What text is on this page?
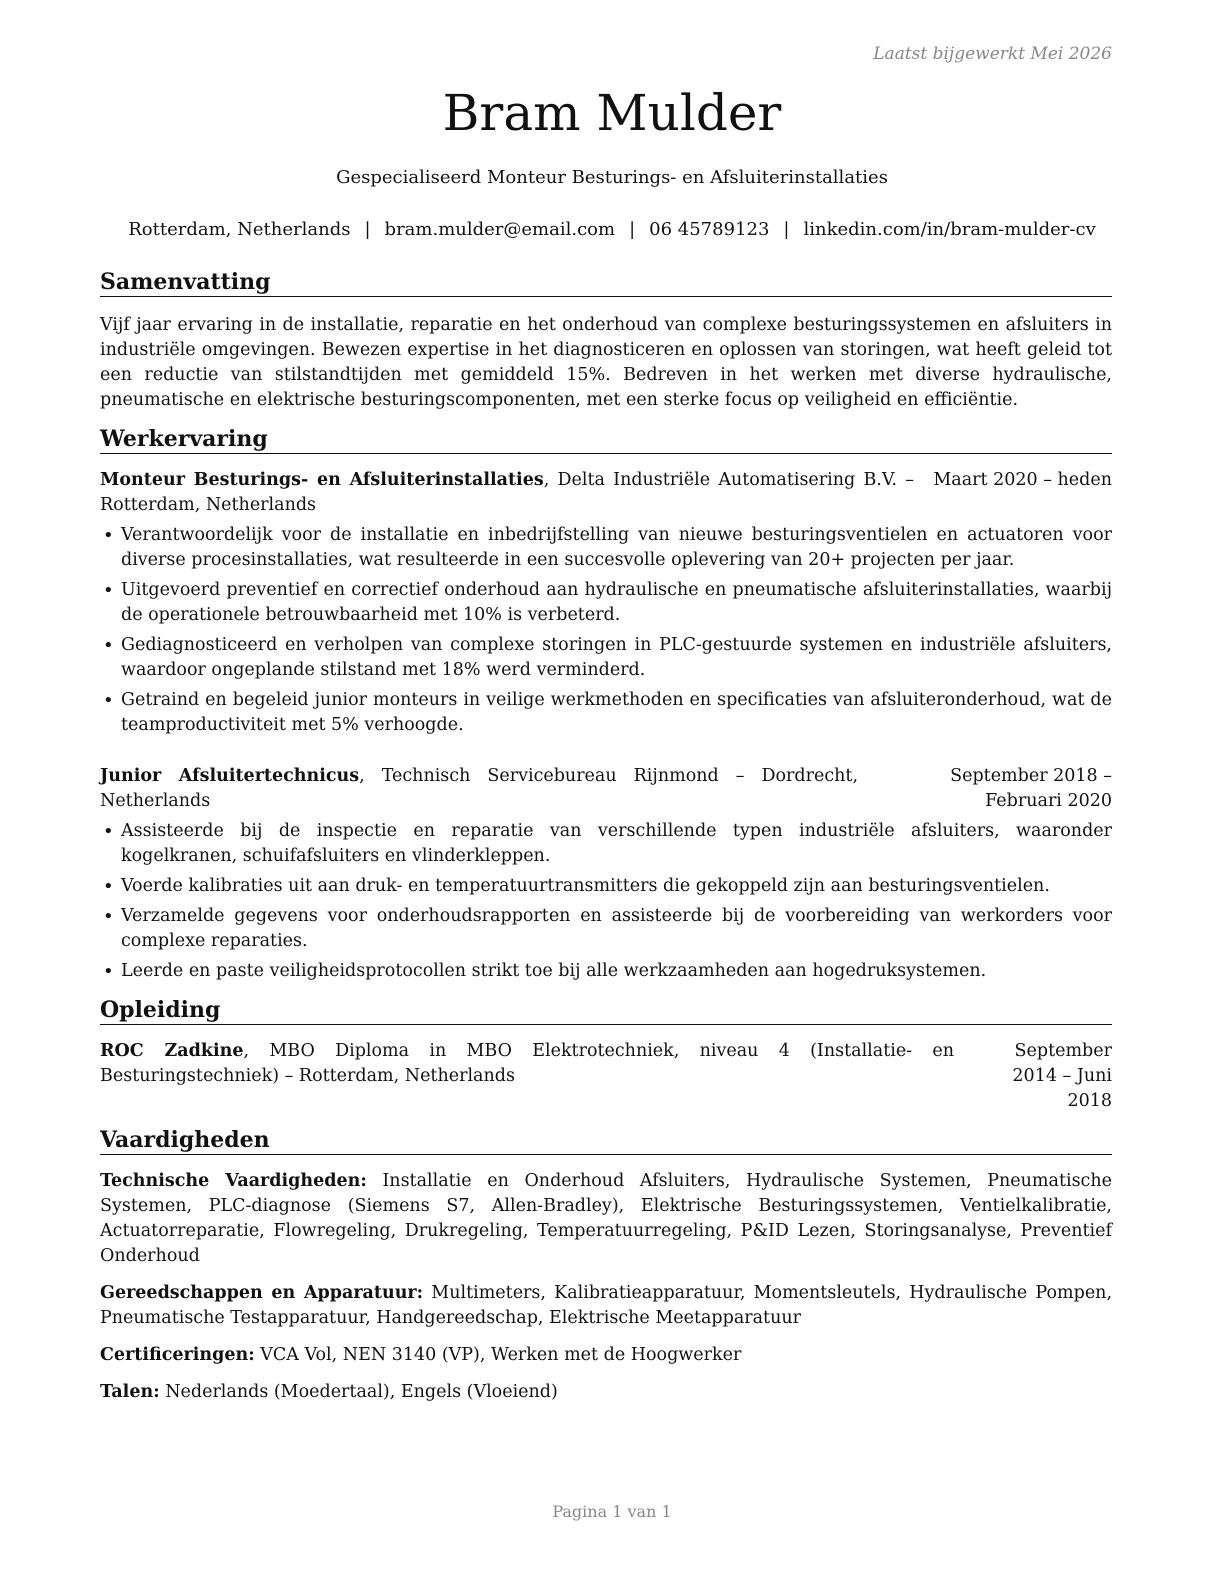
Laatst bijgewerkt Mei 2026
Bram Mulder
Gespecialiseerd Monteur Besturings- en Afsluiterinstallaties
Rotterdam, Netherlands | bram.mulder@email.com | 06 45789123 | linkedin.com/in/bram-mulder-cv
Samenvatting
Vijf jaar ervaring in de installatie, reparatie en het onderhoud van complexe besturingssystemen en afsluiters in industriële omgevingen. Bewezen expertise in het diagnosticeren en oplossen van storingen, wat heeft geleid tot een reductie van stilstandtijden met gemiddeld 15%. Bedreven in het werken met diverse hydraulische, pneumatische en elektrische besturingscomponenten, met een sterke focus op veiligheid en efficiëntie.
Werkervaring
Monteur Besturings- en Afsluiterinstallaties, Delta Industriële Automatisering B.V. – Rotterdam, Netherlands
Maart 2020 – heden
• Verantwoordelijk voor de installatie en inbedrijfstelling van nieuwe besturingsventielen en actuatoren voor diverse procesinstallaties, wat resulteerde in een succesvolle oplevering van 20+ projecten per jaar.
• Uitgevoerd preventief en correctief onderhoud aan hydraulische en pneumatische afsluiterinstallaties, waarbij de operationele betrouwbaarheid met 10% is verbeterd.
• Gediagnosticeerd en verholpen van complexe storingen in PLC-gestuurde systemen en industriële afsluiters, waardoor ongeplande stilstand met 18% werd verminderd.
• Getraind en begeleid junior monteurs in veilige werkmethoden en specificaties van afsluiteronderhoud, wat de teamproductiviteit met 5% verhoogde.
Junior Afsluitertechnicus, Technisch Servicebureau Rijnmond – Dordrecht, Netherlands
September 2018 – Februari 2020
• Assisteerde bij de inspectie en reparatie van verschillende typen industriële afsluiters, waaronder kogelkranen, schuifafsluiters en vlinderkleppen.
• Voerde kalibraties uit aan druk- en temperatuurtransmitters die gekoppeld zijn aan besturingsventielen.
• Verzamelde gegevens voor onderhoudsrapporten en assisteerde bij de voorbereiding van werkorders voor complexe reparaties.
• Leerde en paste veiligheidsprotocollen strikt toe bij alle werkzaamheden aan hogedruksystemen.
Opleiding
ROC Zadkine, MBO Diploma in MBO Elektrotechniek, niveau 4 (Installatie- en Besturingstechniek) – Rotterdam, Netherlands
September 2014 – Juni 2018
Vaardigheden

Technische Vaardigheden: Installatie en Onderhoud Afsluiters, Hydraulische Systemen, Pneumatische Systemen, PLC-diagnose (Siemens S7, Allen-Bradley), Elektrische Besturingssystemen, Ventielkalibratie, Actuatorreparatie, Flowregeling, Drukregeling, Temperatuurregeling, P&ID Lezen, Storingsanalyse, Preventief Onderhoud

Gereedschappen en Apparatuur: Multimeters, Kalibratieapparatuur, Momentsleutels, Hydraulische Pompen, Pneumatische Testapparatuur, Handgereedschap, Elektrische Meetapparatuur

Certificeringen: VCA Vol, NEN 3140 (VP), Werken met de Hoogwerker

Talen: Nederlands (Moedertaal), Engels (Vloeiend)

Pagina 1 van 1
